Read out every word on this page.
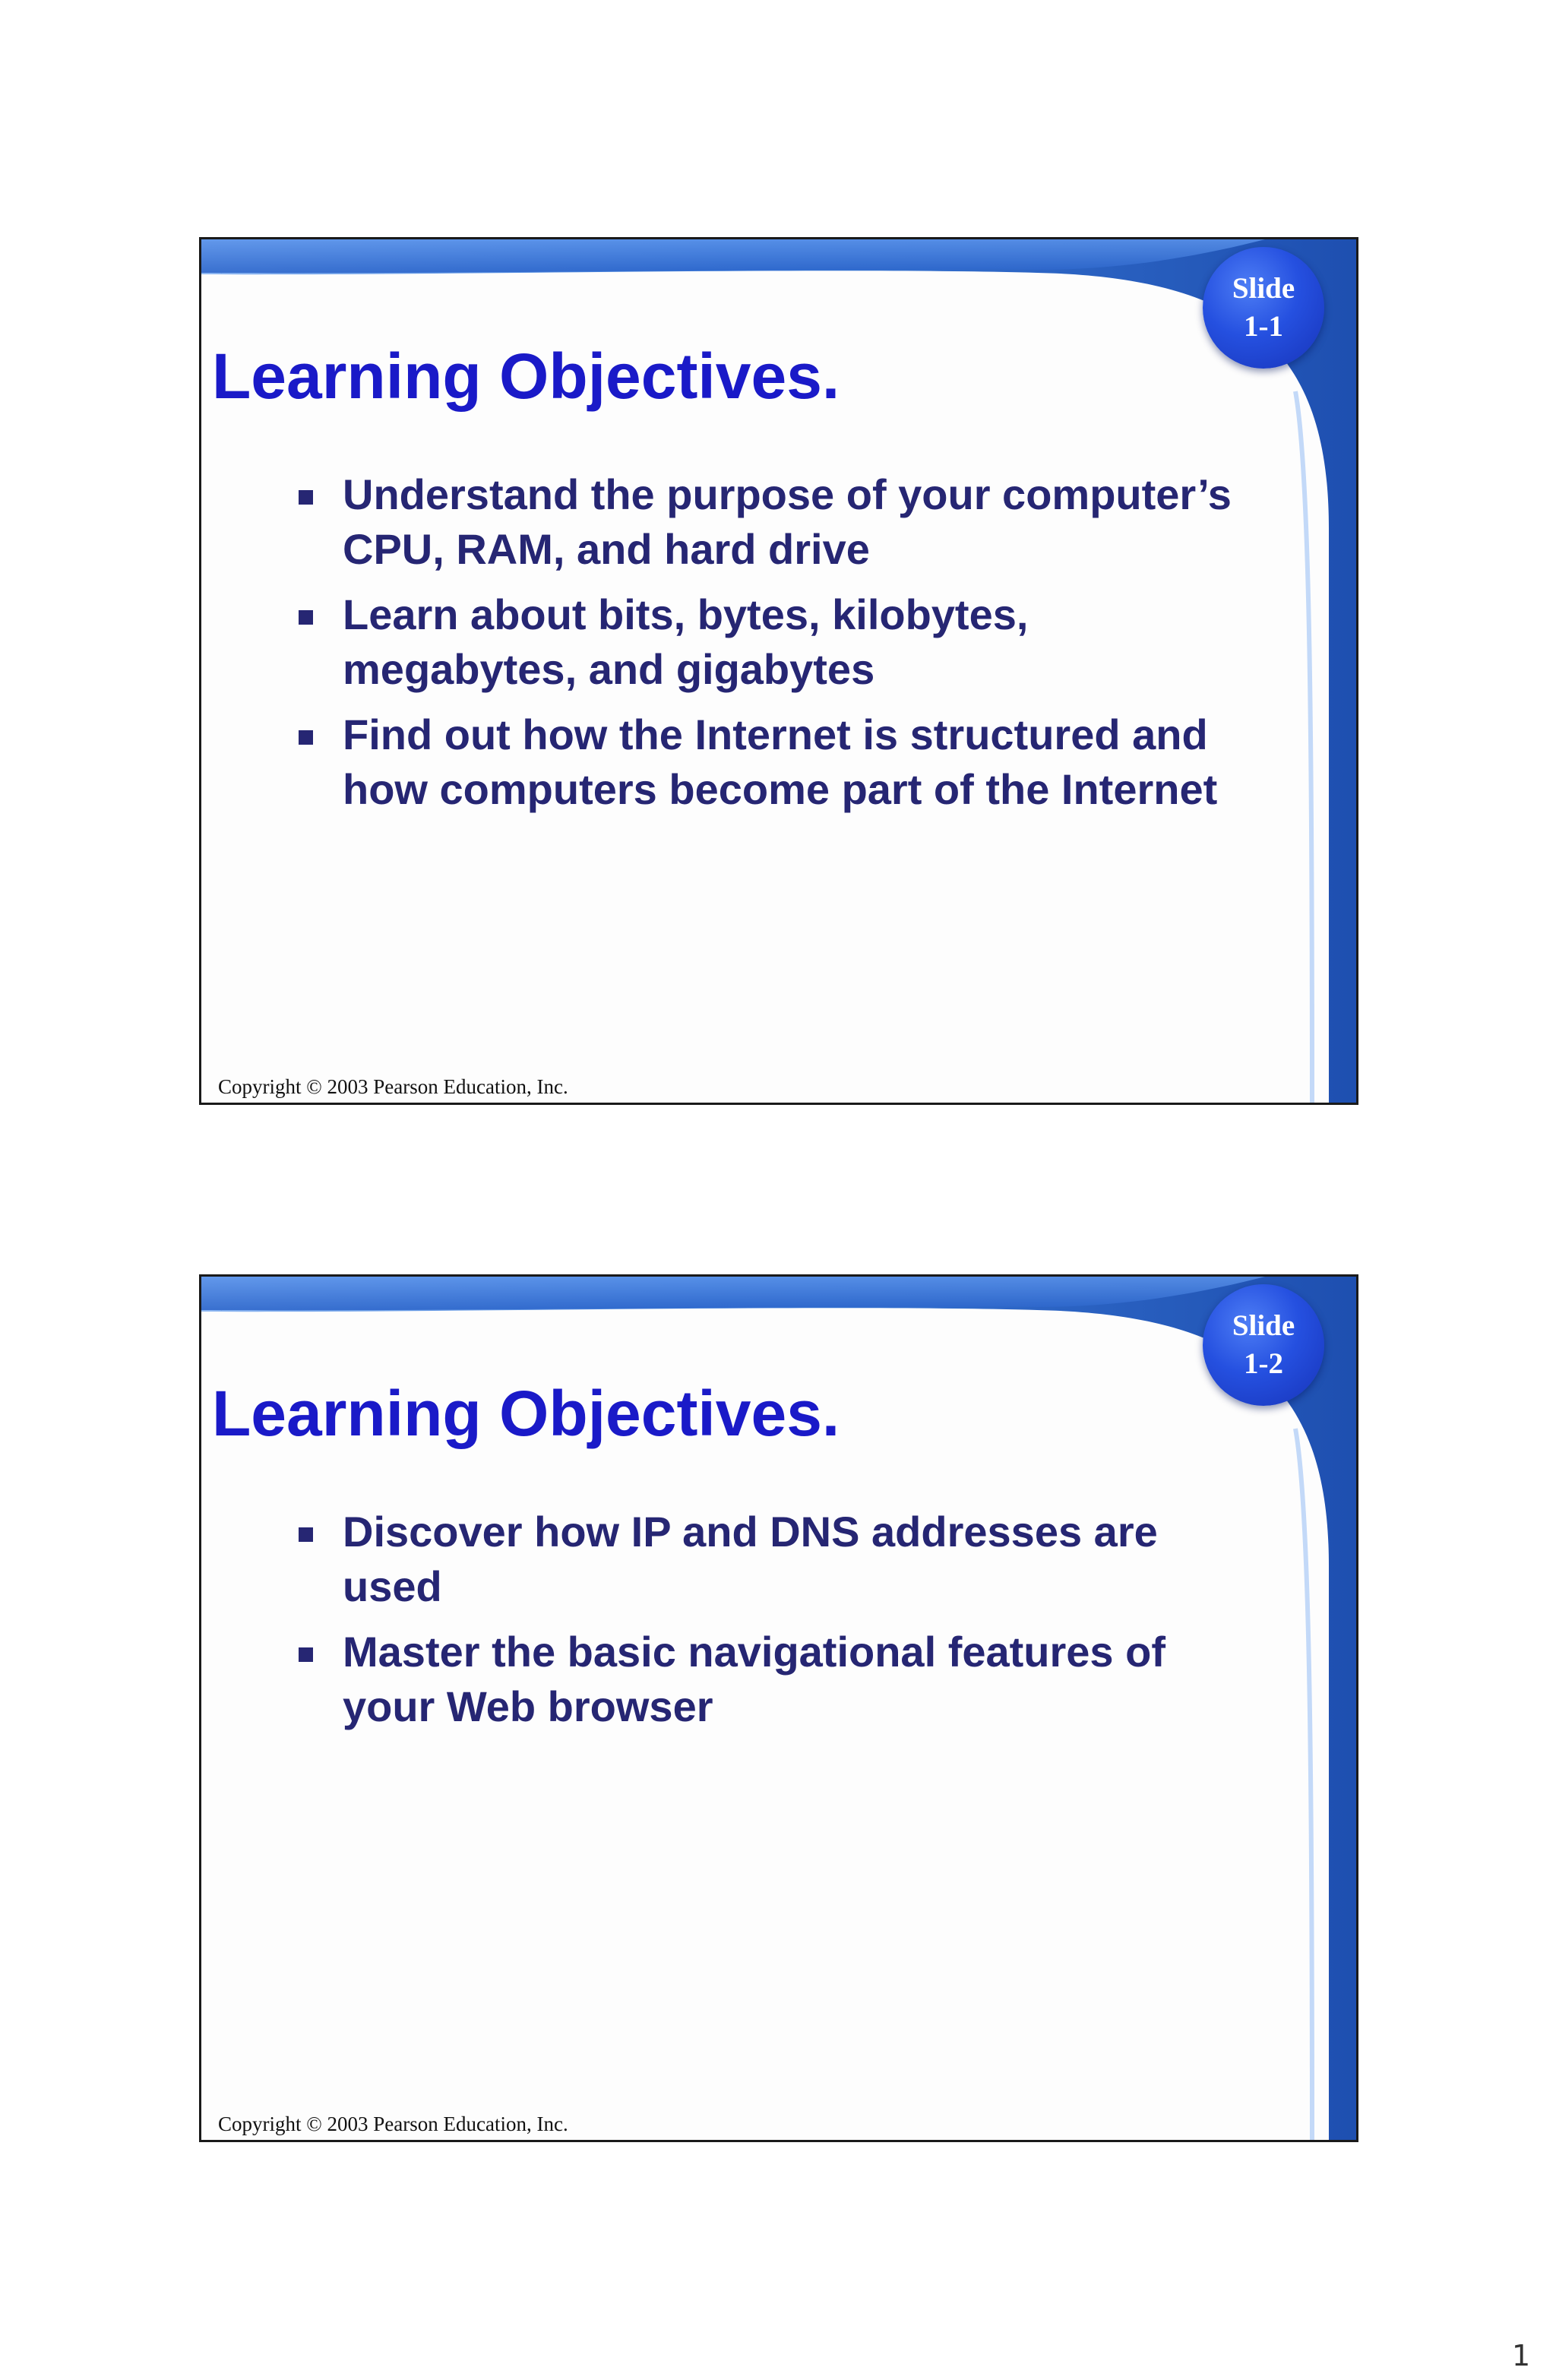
Slide
1-1
Learning Objectives.
Understand the purpose of your computer’s CPU, RAM, and hard drive
Learn about bits, bytes, kilobytes, megabytes, and gigabytes
Find out how the Internet is structured and how computers become part of the Internet
Copyright © 2003 Pearson Education, Inc.
Slide
1-2
Learning Objectives.
Discover how IP and DNS addresses are used
Master the basic navigational features of your Web browser
Copyright © 2003 Pearson Education, Inc.
1
